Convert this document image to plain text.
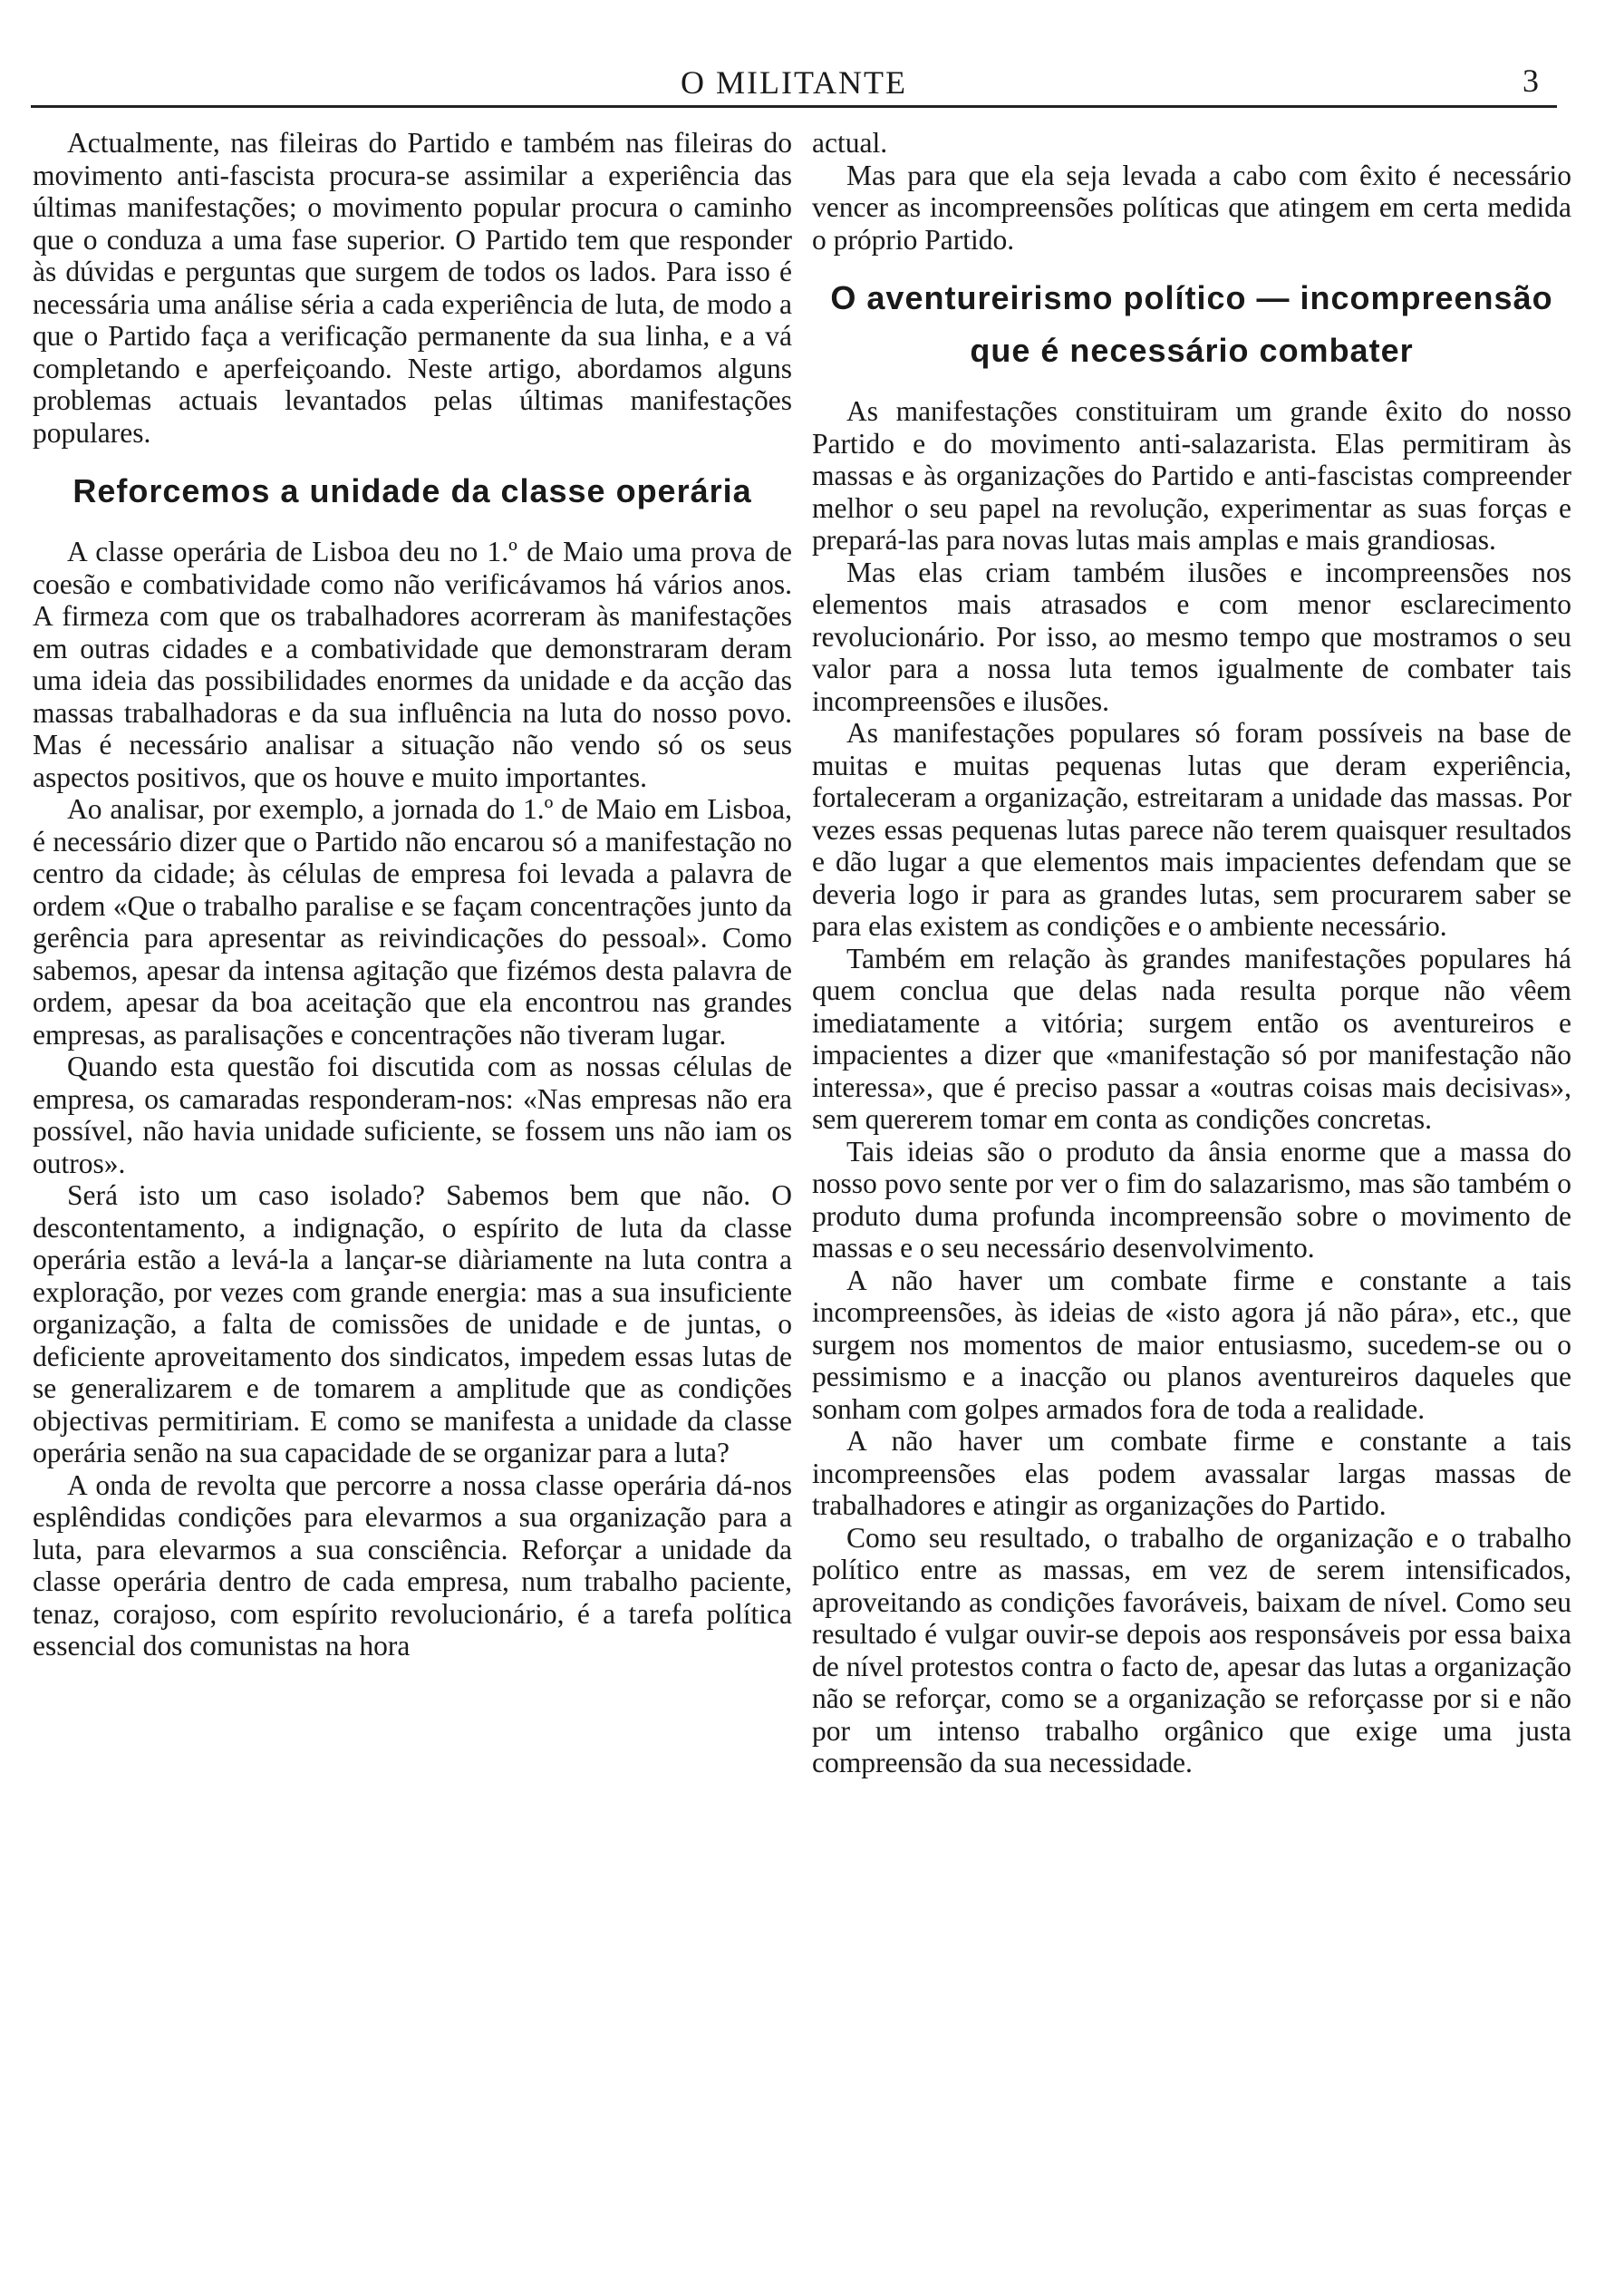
O MILITANTE	3

Actualmente, nas fileiras do Partido e também nas fileiras do movimento anti-fascista procura-se assimilar a experiência das últimas manifestações; o movimento popular procura o caminho que o conduza a uma fase superior. O Partido tem que responder às dúvidas e perguntas que surgem de todos os lados. Para isso é necessária uma análise séria a cada experiência de luta, de modo a que o Partido faça a verificação permanente da sua linha, e a vá completando e aperfeiçoando. Neste artigo, abordamos alguns problemas actuais levantados pelas últimas manifestações populares.

Reforcemos a unidade da classe operária

A classe operária de Lisboa deu no 1.º de Maio uma prova de coesão e combatividade como não verificávamos há vários anos. A firmeza com que os trabalhadores acorreram às manifestações em outras cidades e a combatividade que demonstraram deram uma ideia das possibilidades enormes da unidade e da acção das massas trabalhadoras e da sua influência na luta do nosso povo. Mas é necessário analisar a situação não vendo só os seus aspectos positivos, que os houve e muito importantes.

Ao analisar, por exemplo, a jornada do 1.º de Maio em Lisboa, é necessário dizer que o Partido não encarou só a manifestação no centro da cidade; às células de empresa foi levada a palavra de ordem «Que o trabalho paralise e se façam concentrações junto da gerência para apresentar as reivindicações do pessoal». Como sabemos, apesar da intensa agitação que fizémos desta palavra de ordem, apesar da boa aceitação que ela encontrou nas grandes empresas, as paralisações e concentrações não tiveram lugar.

Quando esta questão foi discutida com as nossas células de empresa, os camaradas responderam-nos: «Nas empresas não era possível, não havia unidade suficiente, se fossem uns não iam os outros».

Será isto um caso isolado? Sabemos bem que não. O descontentamento, a indignação, o espírito de luta da classe operária estão a levá-la a lançar-se diàriamente na luta contra a exploração, por vezes com grande energia: mas a sua insuficiente organização, a falta de comissões de unidade e de juntas, o deficiente aproveitamento dos sindicatos, impedem essas lutas de se generalizarem e de tomarem a amplitude que as condições objectivas permitiriam. E como se manifesta a unidade da classe operária senão na sua capacidade de se organizar para a luta?

A onda de revolta que percorre a nossa classe operária dá-nos esplêndidas condições para elevarmos a sua organização para a luta, para elevarmos a sua consciência. Reforçar a unidade da classe operária dentro de cada empresa, num trabalho paciente, tenaz, corajoso, com espírito revolucionário, é a tarefa política essencial dos comunistas na hora

actual.

Mas para que ela seja levada a cabo com êxito é necessário vencer as incompreensões políticas que atingem em certa medida o próprio Partido.

O aventureirismo político — incompreensão que é necessário combater

As manifestações constituiram um grande êxito do nosso Partido e do movimento anti-salazarista. Elas permitiram às massas e às organizações do Partido e anti-fascistas compreender melhor o seu papel na revolução, experimentar as suas forças e prepará-las para novas lutas mais amplas e mais grandiosas.

Mas elas criam também ilusões e incompreensões nos elementos mais atrasados e com menor esclarecimento revolucionário. Por isso, ao mesmo tempo que mostramos o seu valor para a nossa luta temos igualmente de combater tais incompreensões e ilusões.

As manifestações populares só foram possíveis na base de muitas e muitas pequenas lutas que deram experiência, fortaleceram a organização, estreitaram a unidade das massas. Por vezes essas pequenas lutas parece não terem quaisquer resultados e dão lugar a que elementos mais impacientes defendam que se deveria logo ir para as grandes lutas, sem procurarem saber se para elas existem as condições e o ambiente necessário.

Também em relação às grandes manifestações populares há quem conclua que delas nada resulta porque não vêem imediatamente a vitória; surgem então os aventureiros e impacientes a dizer que «manifestação só por manifestação não interessa», que é preciso passar a «outras coisas mais decisivas», sem quererem tomar em conta as condições concretas.

Tais ideias são o produto da ânsia enorme que a massa do nosso povo sente por ver o fim do salazarismo, mas são também o produto duma profunda incompreensão sobre o movimento de massas e o seu necessário desenvolvimento.

A não haver um combate firme e constante a tais incompreensões, às ideias de «isto agora já não pára», etc., que surgem nos momentos de maior entusiasmo, sucedem-se ou o pessimismo e a inacção ou planos aventureiros daqueles que sonham com golpes armados fora de toda a realidade.

A não haver um combate firme e constante a tais incompreensões elas podem avassalar largas massas de trabalhadores e atingir as organizações do Partido.

Como seu resultado, o trabalho de organização e o trabalho político entre as massas, em vez de serem intensificados, aproveitando as condições favoráveis, baixam de nível. Como seu resultado é vulgar ouvir-se depois aos responsáveis por essa baixa de nível protestos contra o facto de, apesar das lutas a organização não se reforçar, como se a organização se reforçasse por si e não por um intenso trabalho orgânico que exige uma justa compreensão da sua necessidade.
